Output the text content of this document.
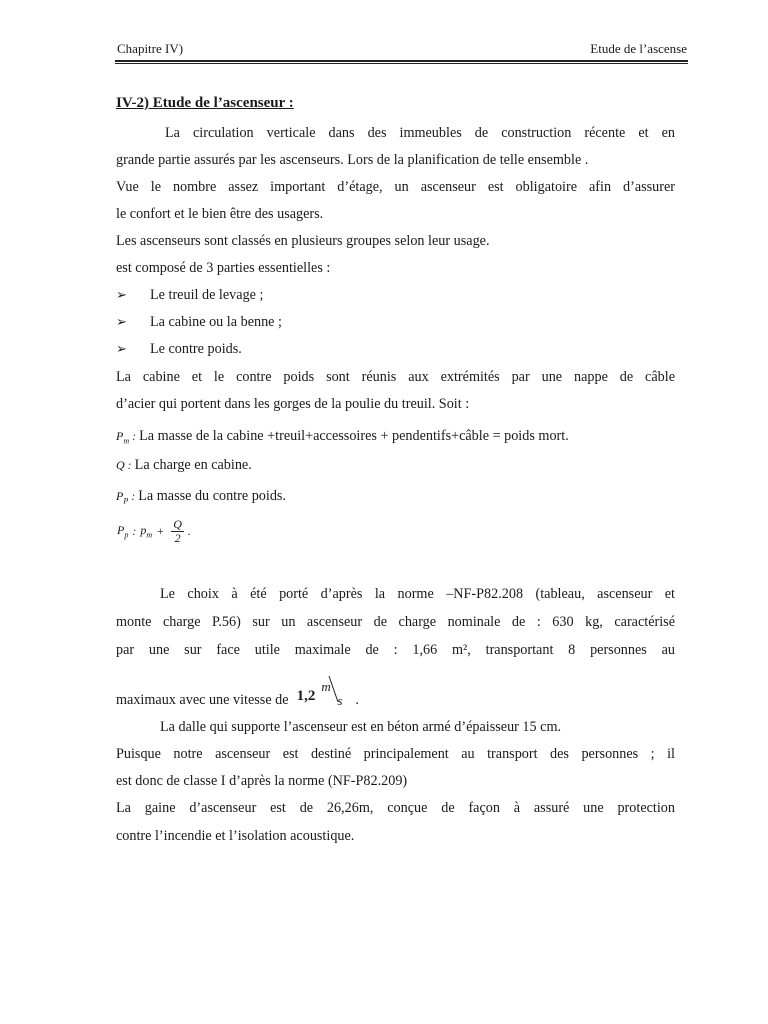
Chapitre IV)	Etude de l’ascense
IV-2) Etude de l’ascenseur :
La circulation verticale dans des immeubles de construction récente et en
grande partie assurés par les ascenseurs. Lors de la planification de telle ensemble .
Vue le nombre assez important d’étage, un ascenseur est obligatoire afin d’assurer
le confort et le bien être des usagers.
Les ascenseurs sont classés en plusieurs groupes selon leur usage.
est composé de 3 parties essentielles :
➢ Le treuil de levage ;
➢ La cabine ou la benne ;
➢ Le contre poids.
La cabine et le contre poids sont réunis aux extrémités par une nappe de câble
d’acier qui portent dans les gorges de la poulie du treuil. Soit :
$P_m$ : La masse de la cabine +treuil+accessoires + pendentifs+câble = poids mort.
Q : La charge en cabine.
$P_P$ : La masse du contre poids.
$P_p$ : $p_m + \frac{Q}{2}$ .
Le choix à été porté d’après la norme –NF-P82.208 (tableau, ascenseur et
monte charge P.56) sur un ascenseur de charge nominale de : 630 kg, caractérisé
par une sur face utile maximale de : 1,66 m², transportant 8 personnes au
maximaux avec une vitesse de 1,2
m
s .
La dalle qui supporte l’ascenseur est en béton armé d’épaisseur 15 cm.
Puisque notre ascenseur est destiné principalement au transport des personnes ; il
est donc de classe I d’après la norme (NF-P82.209)
La gaine d’ascenseur est de 26,26m, conçue de façon à assuré une protection
contre l’incendie et l’isolation acoustique.
